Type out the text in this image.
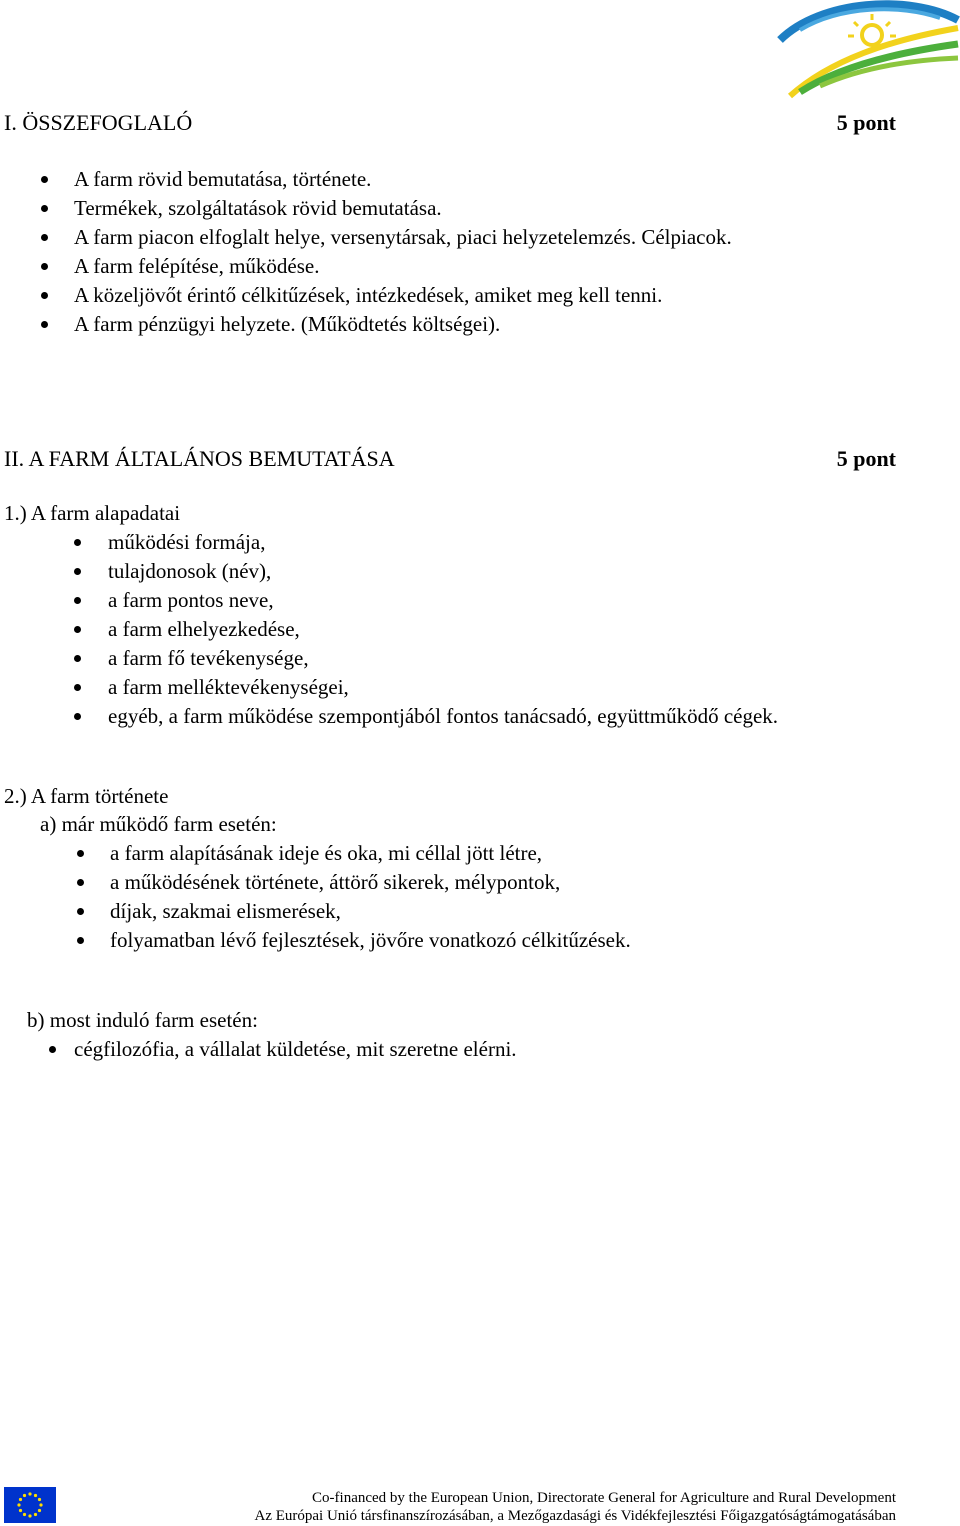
I. ÖSSZEFOGLALÓ	5 pont
A farm rövid bemutatása, története.
Termékek, szolgáltatások rövid bemutatása.
A farm piacon elfoglalt helye, versenytársak, piaci helyzetelemzés. Célpiacok.
A farm felépítése, működése.
A közeljövőt érintő célkitűzések, intézkedések, amiket meg kell tenni.
A farm pénzügyi helyzete. (Működtetés költségei).
II. A FARM ÁLTALÁNOS BEMUTATÁSA	5 pont
1.) A farm alapadatai
működési formája,
tulajdonosok (név),
a farm pontos neve,
a farm elhelyezkedése,
a farm fő tevékenysége,
a farm melléktevékenységei,
egyéb, a farm működése szempontjából fontos tanácsadó, együttműködő cégek.
2.) A farm története
a) már működő farm esetén:
a farm alapításának ideje és oka, mi céllal jött létre,
a működésének története, áttörő sikerek, mélypontok,
díjak, szakmai elismerések,
folyamatban lévő fejlesztések, jövőre vonatkozó célkitűzések.
b) most induló farm esetén:
cégfilozófia, a vállalat küldetése, mit szeretne elérni.
Co-financed by the European Union, Directorate General for Agriculture and Rural Development
Az Európai Unió társfinanszírozásában, a Mezőgazdasági és Vidékfejlesztési Főigazgatóságtámogatásában
